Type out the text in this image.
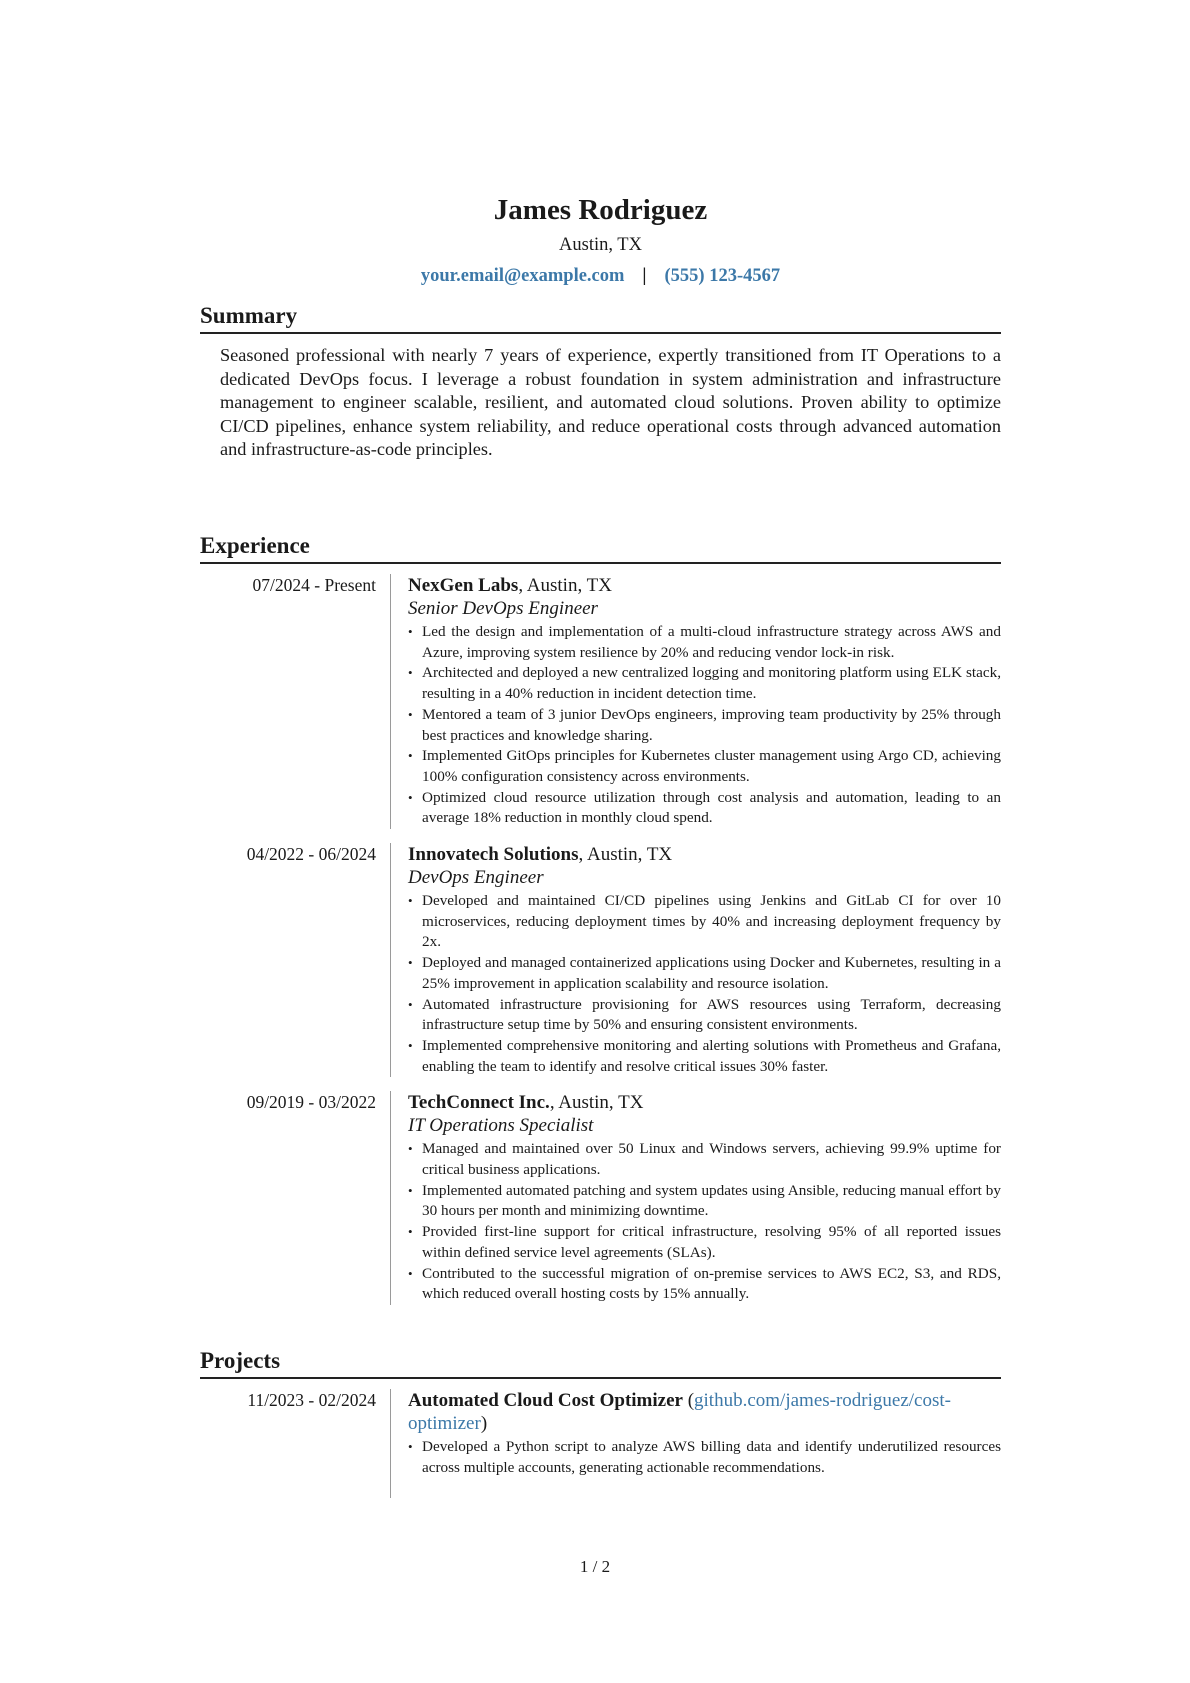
James Rodriguez
Austin, TX
your.email@example.com | (555) 123-4567
Summary

Seasoned professional with nearly 7 years of experience, expertly transitioned from IT Operations to a dedicated DevOps focus. I leverage a robust foundation in system administration and infrastructure management to engineer scalable, resilient, and automated cloud solutions. Proven ability to optimize CI/CD pipelines, enhance system reliability, and reduce operational costs through advanced automation and infrastructure-as-code principles.

Experience
07/2024 - Present NexGen Labs, Austin, TX
Senior DevOps Engineer
• Led the design and implementation of a multi-cloud infrastructure strategy across AWS and Azure, improving system resilience by 20% and reducing vendor lock-in risk.
• Architected and deployed a new centralized logging and monitoring platform using ELK stack, resulting in a 40% reduction in incident detection time.
• Mentored a team of 3 junior DevOps engineers, improving team productivity by 25% through best practices and knowledge sharing.
• Implemented GitOps principles for Kubernetes cluster management using Argo CD, achieving 100% configuration consistency across environments.
• Optimized cloud resource utilization through cost analysis and automation, leading to an average 18% reduction in monthly cloud spend.
04/2022 - 06/2024 Innovatech Solutions, Austin, TX
DevOps Engineer
• Developed and maintained CI/CD pipelines using Jenkins and GitLab CI for over 10 microservices, reducing deployment times by 40% and increasing deployment frequency by 2x.
• Deployed and managed containerized applications using Docker and Kubernetes, resulting in a 25% improvement in application scalability and resource isolation.
• Automated infrastructure provisioning for AWS resources using Terraform, decreasing infrastructure setup time by 50% and ensuring consistent environments.
• Implemented comprehensive monitoring and alerting solutions with Prometheus and Grafana, enabling the team to identify and resolve critical issues 30% faster.
09/2019 - 03/2022 TechConnect Inc., Austin, TX
IT Operations Specialist
• Managed and maintained over 50 Linux and Windows servers, achieving 99.9% uptime for critical business applications.
• Implemented automated patching and system updates using Ansible, reducing manual effort by 30 hours per month and minimizing downtime.
• Provided first-line support for critical infrastructure, resolving 95% of all reported issues within defined service level agreements (SLAs).
• Contributed to the successful migration of on-premise services to AWS EC2, S3, and RDS, which reduced overall hosting costs by 15% annually.
Projects
11/2023 - 02/2024 Automated Cloud Cost Optimizer (github.com/james-rodriguez/cost-optimizer)
• Developed a Python script to analyze AWS billing data and identify underutilized resources across multiple accounts, generating actionable recommendations.
1 / 2
